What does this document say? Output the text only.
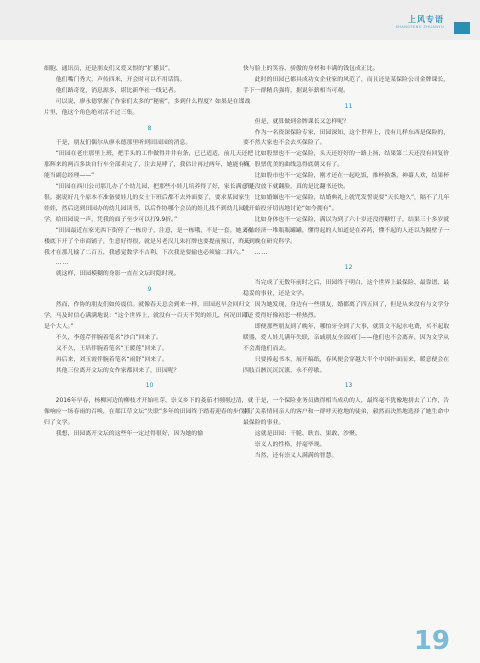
上风专语
SHANGFENG ZHUANYU

细胞、通讯员，还是朋友们又爱又恨的“扩播员”。

他们嘴门秀大，声传四米，开会时可以不用话筒。

他们路奇宽，消息源多，堪比新华社一线记者。

可以说，廖永德掌握了作家们太多的“秘密”，多到什么程度？如果是在谍战片里，他这个角色绝对活不过三集。

8

于是，朋友们偶尔从廖永德那里听到田园园的消息。

“田园在老庄那里上班，把手头的工作做得井井有条，已已适适，前几天还把那辉来的两百多块自行车全部卖完了，注去晃哮了，我估计再过两年，她能有可能当副总经理——”

“田园在西川公司那儿办了个幼儿园，把那些小娃儿培养得了好，家长满意得很。据说好几个原本不准备要娃儿的女士下班后都不去外面耍了，要求某园家生娃娃，然后送到田园办的幼儿园读书，以后作协哪个会员的娃儿找不到幼儿园上学，给田园说一声，凭我的面子至少可以打9.9折。”

“田园最近在家光西下街停了一栋房子，注意，是一栋哦，不是一套。她又在楼底下开了个串商铺子，生意好得很，就是另老汉儿朱打牌也要提前预订，昨天我才在那儿输了二百五，我感觉数学不吉利，下次我是要输也必须输二四六。”

……

就这样，田园模糊的身影一直在文坛时隐时现。

9

然而，作协的朋友们如传震信。就像春天总会到来一样，田园迟早会回归文学，马及时信心满满地说：“这个世界上，就没有一百天不哭的娃儿，何况田园还是个大人。”

不久，李莲芹伴腕着笔名“沙白”回来了。

又不久，王培伴腕着笔名“王暖莲”回来了。

再后来，刘玉霞伴腕着笔名“雨舒”回来了。

其他三位离开文坛的女作家都回来了，田园呢？

10

2016年早春，杨柳河边的柳枝才开始吐芽，崇义乡下的菱茄才刚刚过清，就像响应一场春雨的召唤，在郯江草文坛“失联”多年的田园终于踏着迎春的步伐回归了文学。

我想，田园离开文坛的这些年一定过得很好，因为她的愉

快与脸上的笑容、骄傲的身材和丰满的钱包成正比。

此时的田园已都具成功女企业家的风范了，而且还是某保险公司金牌课长，手下一群精兵强将，据说年薪相当可观。

11

但是，就算做到金牌课长又怎样呢？

作为一名资深保险专家，田园深知，这个世界上，没有几样东西是保险的，要不然大家也不会去买保险了。

比如股票也不一定保险，头天还好好的一路上扬，结果第二天还没有回复价格，股票优美的曲线急得底朝又有了。

比如股市也不一定保险，刚才还在一起吃饭，推杯换盏，神薹人欢，结果杯子还没放下就翻脸，真的是比翻书还快。

比如婚姻也不一定保险，结婚典礼上就咒发誓说要“天长地久”，隔不了几年就开始投牙切齿地讨论“如今拥有”。

比如身体也不一定保险，满以为到了六十岁还没得糖钉子，结果三十多岁就开始经济一堆瓶瓶罐罐，懂得起的人知道是在养药，懂不起的人还以为隔壁子一天到晚在研究科学。

……

12

当完成了无数年前时之后，田园终于明白，这个世界上最保险、最靠谱、最稳妥的事业，还是文学。

因为她发现，身边有一些朋友，婚都离了四五回了，但是从来没有与文学分手，爱得好像初恋一样热烈。

即便那些朋友到了晚年，哪怕牙全到了大事，就算文不起水电费，买不起取暖器，爱人娃儿满年失联，亲戚朋友全部闭门——他们也不会离弃，因为文学从不会离他们而去。

只要捧起书本，展开稿纸，春风便会穿越大半个中国扑面而来，暖意便会在四肢百骸沉沉沉涨，永不停歇。

13

于是，一个保险业务员做得相当成功的人，最终毫不犹豫地拼去了工作，告别了关系情同亲人的客户和一群呼天抢地的徒弟，毅然而决然地选择了她生命中最保险的事业。

这就是田园：干脆、耿直、果敢、沙聚。

崇义人的性格，抒毫毕现。

当然，还有崇义人满满的智慧。

19
